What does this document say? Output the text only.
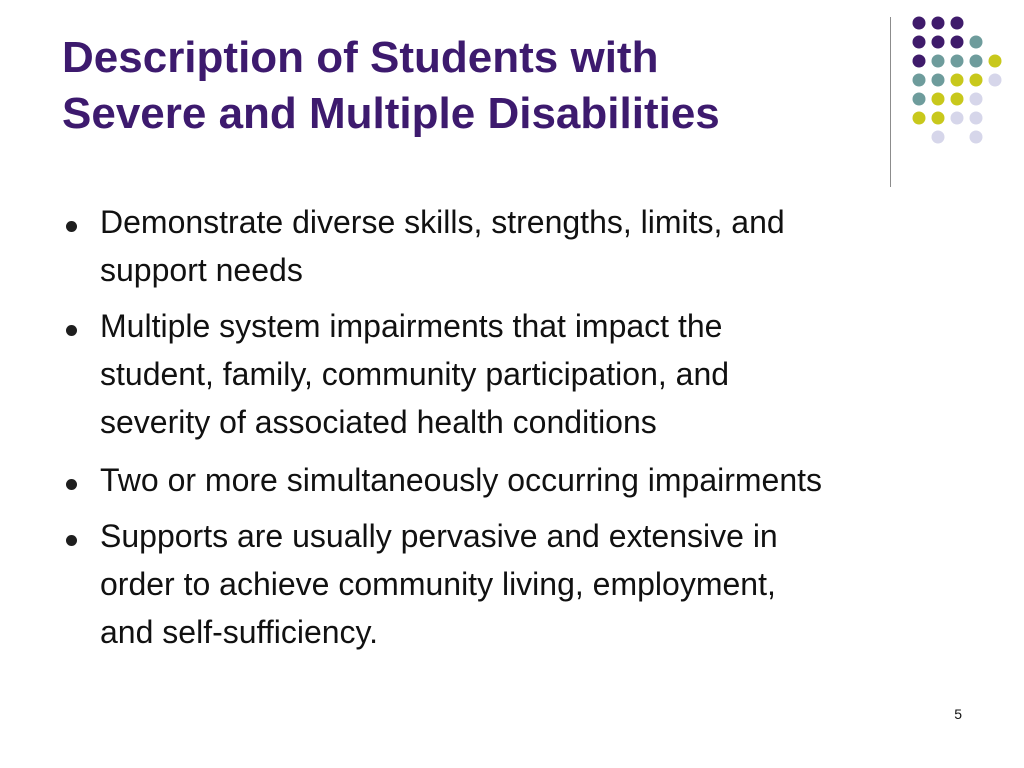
Description of Students with
Severe and Multiple Disabilities
Demonstrate diverse skills, strengths, limits, and
support needs
Multiple system impairments that impact the
student, family, community participation, and
severity of associated health conditions
Two or more simultaneously occurring impairments
Supports are usually pervasive and extensive in
order to achieve community living, employment,
and self-sufficiency.
5
